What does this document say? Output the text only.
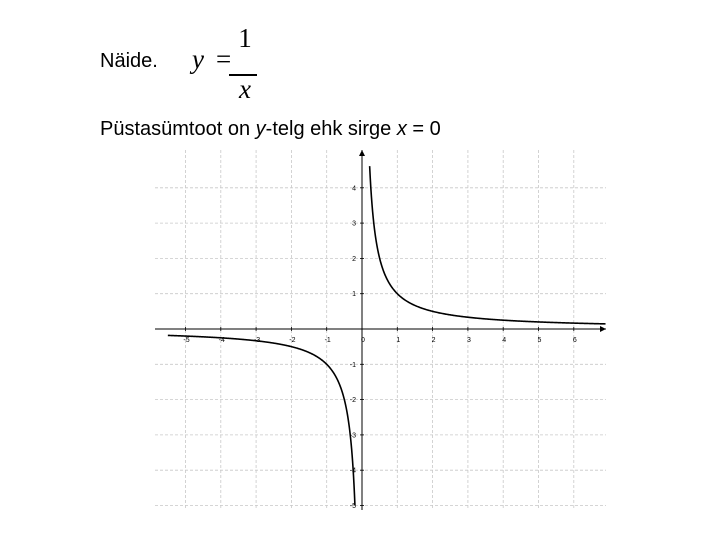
Näide. y =
1
x
Püstasümtoot on y-telg ehk sirge x = 0
-5	-4	-3	-2	-1	0	1	2	3	4	5	6
-5
-4
-3
-2
-1
1
2
3
4
